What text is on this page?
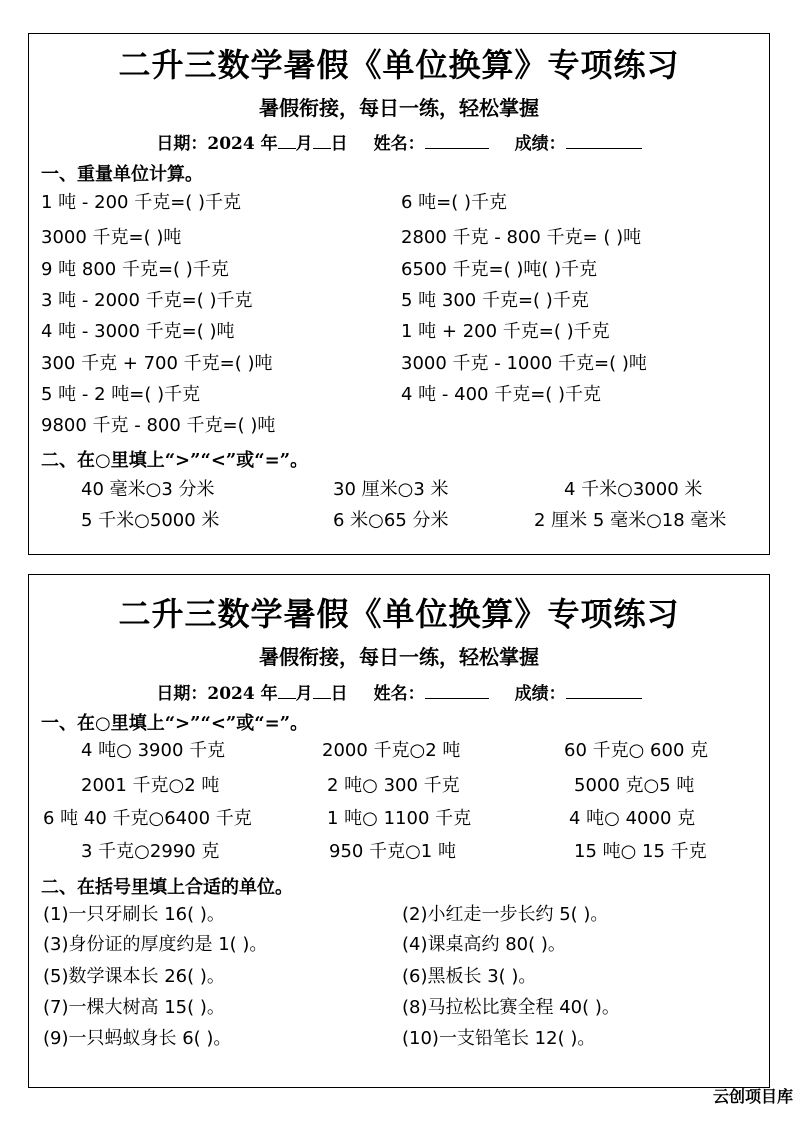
二升三数学暑假《单位换算》专项练习
暑假衔接，每日一练，轻松掌握
日期：2024 年 月 日 姓名：	成绩：
一、重量单位计算。
1 吨 - 200 千克=( )千克	6 吨=( )千克
3000 千克=( )吨	2800 千克 - 800 千克= ( )吨
9 吨 800 千克=( )千克	6500 千克=( )吨( )千克
3 吨 - 2000 千克=( )千克	5 吨 300 千克=( )千克
4 吨 - 3000 千克=( )吨	1 吨 + 200 千克=( )千克
300 千克 + 700 千克=( )吨	3000 千克 - 1000 千克=( )吨
5 吨 - 2 吨=( )千克	4 吨 - 400 千克=( )千克
9800 千克 - 800 千克=( )吨
二、在○里填上“>”“<”或“=”。
40 毫米○3 分米	30 厘米○3 米	4 千米○3000 米
5 千米○5000 米	6 米○65 分米	2 厘米 5 毫米○18 毫米
二升三数学暑假《单位换算》专项练习
暑假衔接，每日一练，轻松掌握
日期：2024 年 月 日 姓名：	成绩：
一、在○里填上“>”“<”或“=”。
4 吨○ 3900 千克	2000 千克○2 吨	60 千克○ 600 克
2001 千克○2 吨	2 吨○ 300 千克	5000 克○5 吨
6 吨 40 千克○6400 千克	1 吨○ 1100 千克	4 吨○ 4000 克
3 千克○2990 克	950 千克○1 吨	15 吨○ 15 千克
二、在括号里填上合适的单位。
(1)一只牙刷长 16( )。	(2)小红走一步长约 5( )。
(3)身份证的厚度约是 1( )。	(4)课桌高约 80( )。
(5)数学课本长 26( )。	(6)黑板长 3( )。
(7)一棵大树高 15( )。	(8)马拉松比赛全程 40( )。
(9)一只蚂蚁身长 6( )。	(10)一支铅笔长 12( )。
云创项目库
